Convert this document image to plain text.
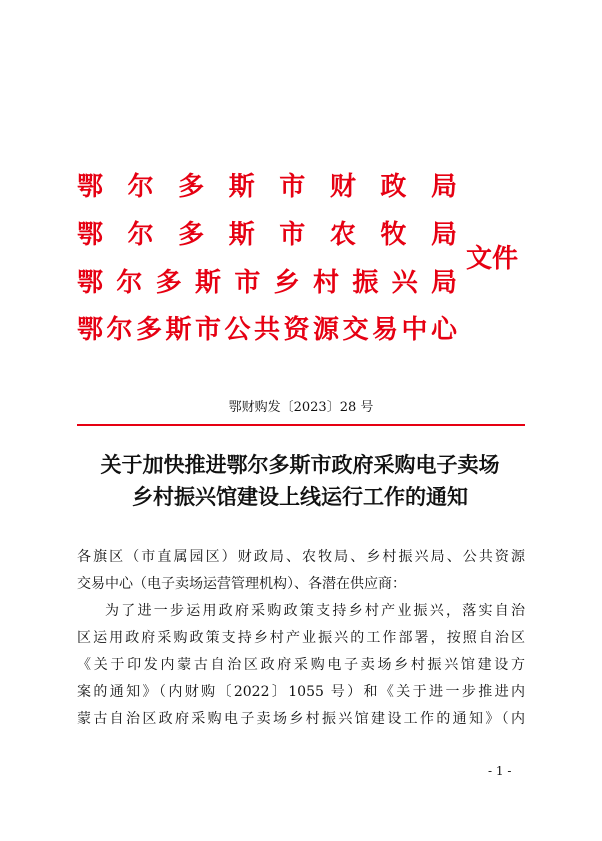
鄂尔多斯市财政局
鄂尔多斯市农牧局
鄂尔多斯市乡村振兴局
鄂尔多斯市公共资源交易中心
文件
鄂财购发〔2023〕28 号
关于加快推进鄂尔多斯市政府采购电子卖场
乡村振兴馆建设上线运行工作的通知
各旗区（市直属园区）财政局、农牧局、乡村振兴局、公共资源
交易中心（电子卖场运营管理机构）、各潜在供应商：
为了进一步运用政府采购政策支持乡村产业振兴，落实自治
区运用政府采购政策支持乡村产业振兴的工作部署，按照自治区
《关于印发内蒙古自治区政府采购电子卖场乡村振兴馆建设方
案的通知》（内财购〔2022〕1055 号）和《关于进一步推进内
蒙古自治区政府采购电子卖场乡村振兴馆建设工作的通知》（内
- 1 -
